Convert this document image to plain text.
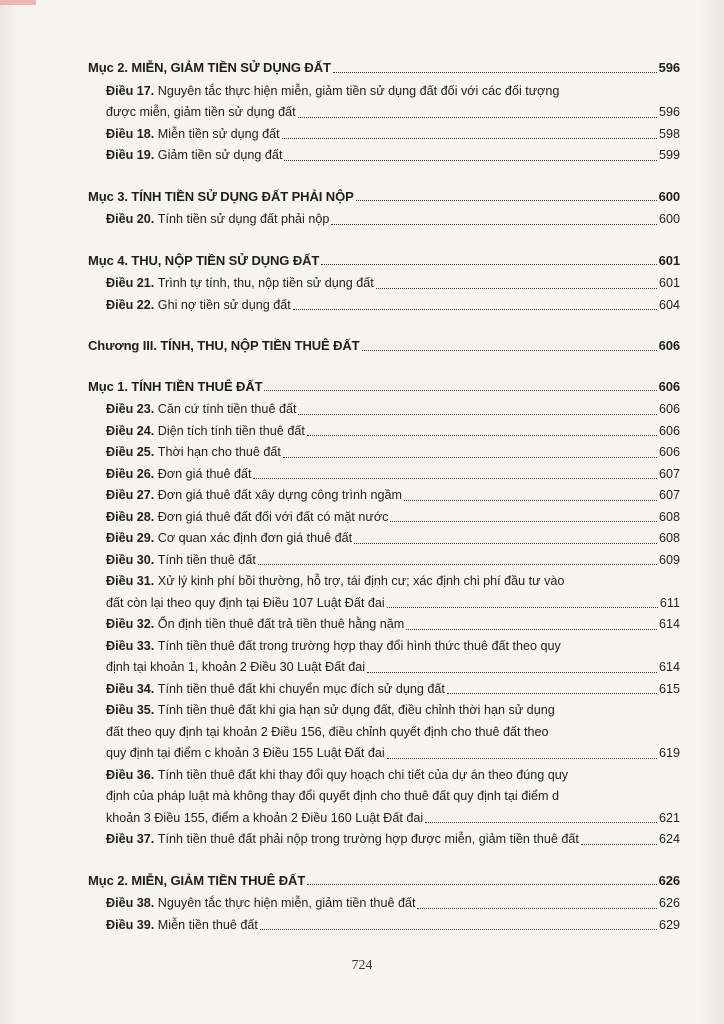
Mục 2. MIỄN, GIẢM TIỀN SỬ DỤNG ĐẤT	596
Điều 17. Nguyên tắc thực hiện miễn, giảm tiền sử dụng đất đối với các đối tượng
được miễn, giảm tiền sử dụng đất	596
Điều 18. Miễn tiền sử dụng đất	598
Điều 19. Giảm tiền sử dụng đất	599
Mục 3. TÍNH TIỀN SỬ DỤNG ĐẤT PHẢI NỘP	600
Điều 20. Tính tiền sử dụng đất phải nộp	600
Mục 4. THU, NỘP TIỀN SỬ DỤNG ĐẤT	601
Điều 21. Trình tự tính, thu, nộp tiền sử dụng đất	601
Điều 22. Ghi nợ tiền sử dụng đất	604
Chương III. TÍNH, THU, NỘP TIỀN THUÊ ĐẤT	606
Mục 1. TÍNH TIỀN THUÊ ĐẤT	606
Điều 23. Căn cứ tính tiền thuê đất	606
Điều 24. Diện tích tính tiền thuê đất	606
Điều 25. Thời hạn cho thuê đất	606
Điều 26. Đơn giá thuê đất	607
Điều 27. Đơn giá thuê đất xây dựng công trình ngầm	607
Điều 28. Đơn giá thuê đất đối với đất có mặt nước	608
Điều 29. Cơ quan xác định đơn giá thuê đất	608
Điều 30. Tính tiền thuê đất	609
Điều 31. Xử lý kinh phí bồi thường, hỗ trợ, tái định cư; xác định chi phí đầu tư vào
đất còn lại theo quy định tại Điều 107 Luật Đất đai	611
Điều 32. Ổn định tiền thuê đất trả tiền thuê hằng năm	614
Điều 33. Tính tiền thuê đất trong trường hợp thay đổi hình thức thuê đất theo quy
định tại khoản 1, khoản 2 Điều 30 Luật Đất đai	614
Điều 34. Tính tiền thuê đất khi chuyển mục đích sử dụng đất	615
Điều 35. Tính tiền thuê đất khi gia hạn sử dụng đất, điều chỉnh thời hạn sử dụng
đất theo quy định tại khoản 2 Điều 156, điều chỉnh quyết định cho thuê đất theo
quy định tại điểm c khoản 3 Điều 155 Luật Đất đai	619
Điều 36. Tính tiền thuê đất khi thay đổi quy hoạch chi tiết của dự án theo đúng quy
định của pháp luật mà không thay đổi quyết định cho thuê đất quy định tại điểm d
khoản 3 Điều 155, điểm a khoản 2 Điều 160 Luật Đất đai	621
Điều 37. Tính tiền thuê đất phải nộp trong trường hợp được miễn, giảm tiền thuê đất	624
Mục 2. MIỄN, GIẢM TIỀN THUÊ ĐẤT	626
Điều 38. Nguyên tắc thực hiện miễn, giảm tiền thuê đất	626
Điều 39. Miễn tiền thuê đất	629
724
